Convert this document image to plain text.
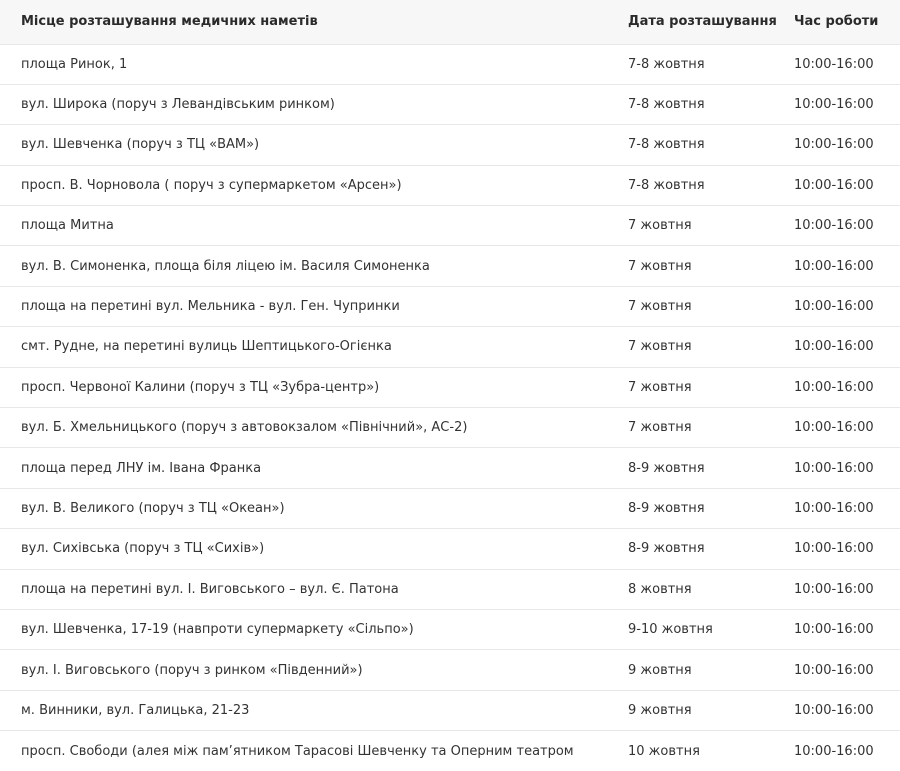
Місце розташування медичних наметів	Дата розташування	Час роботи
площа Ринок, 1	7-8 жовтня	10:00-16:00
вул. Широка (поруч з Левандівським ринком)	7-8 жовтня	10:00-16:00
вул. Шевченка (поруч з ТЦ «ВАМ»)	7-8 жовтня	10:00-16:00
просп. В. Чорновола ( поруч з супермаркетом «Арсен»)	7-8 жовтня	10:00-16:00
площа Митна	7 жовтня	10:00-16:00
вул. В. Симоненка, площа біля ліцею ім. Василя Симоненка	7 жовтня	10:00-16:00
площа на перетині вул. Мельника - вул. Ген. Чупринки	7 жовтня	10:00-16:00
смт. Рудне, на перетині вулиць Шептицького-Огієнка	7 жовтня	10:00-16:00
просп. Червоної Калини (поруч з ТЦ «Зубра-центр»)	7 жовтня	10:00-16:00
вул. Б. Хмельницького (поруч з автовокзалом «Північний», АС-2)	7 жовтня	10:00-16:00
площа перед ЛНУ ім. Івана Франка	8-9 жовтня	10:00-16:00
вул. В. Великого (поруч з ТЦ «Океан»)	8-9 жовтня	10:00-16:00
вул. Сихівська (поруч з ТЦ «Сихів»)	8-9 жовтня	10:00-16:00
площа на перетині вул. І. Виговського – вул. Є. Патона	8 жовтня	10:00-16:00
вул. Шевченка, 17-19 (навпроти супермаркету «Сільпо»)	9-10 жовтня	10:00-16:00
вул. І. Виговського (поруч з ринком «Південний»)	9 жовтня	10:00-16:00
м. Винники, вул. Галицька, 21-23	9 жовтня	10:00-16:00
просп. Свободи (алея між пам’ятником Тарасові Шевченку та Оперним театром	10 жовтня	10:00-16:00
